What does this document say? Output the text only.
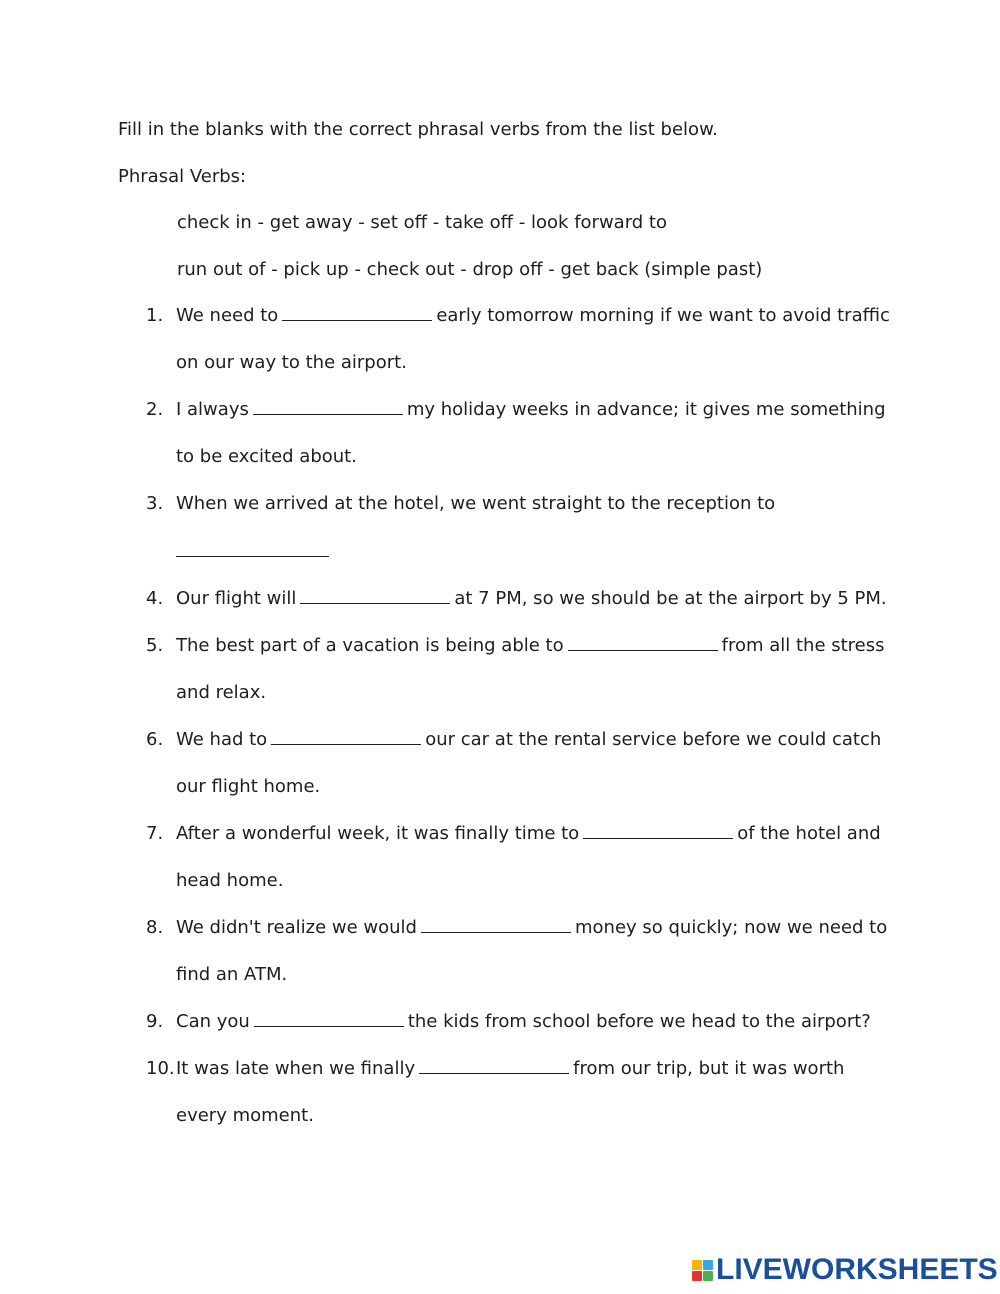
Fill in the blanks with the correct phrasal verbs from the list below.
Phrasal Verbs:
check in - get away - set off - take off - look forward to
run out of - pick up - check out - drop off - get back (simple past)
1. We need to	early tomorrow morning if we want to avoid traffic
on our way to the airport.
2. I always	my holiday weeks in advance; it gives me something
to be excited about.
3. When we arrived at the hotel, we went straight to the reception to
4. Our flight will	at 7 PM, so we should be at the airport by 5 PM.
5. The best part of a vacation is being able to	from all the stress
and relax.
6. We had to	our car at the rental service before we could catch
our flight home.
7. After a wonderful week, it was finally time to	of the hotel and
head home.
8. We didn't realize we would	money so quickly; now we need to
find an ATM.
9. Can you	the kids from school before we head to the airport?
10. It was late when we finally	from our trip, but it was worth
every moment.
LIVEWORKSHEETS
